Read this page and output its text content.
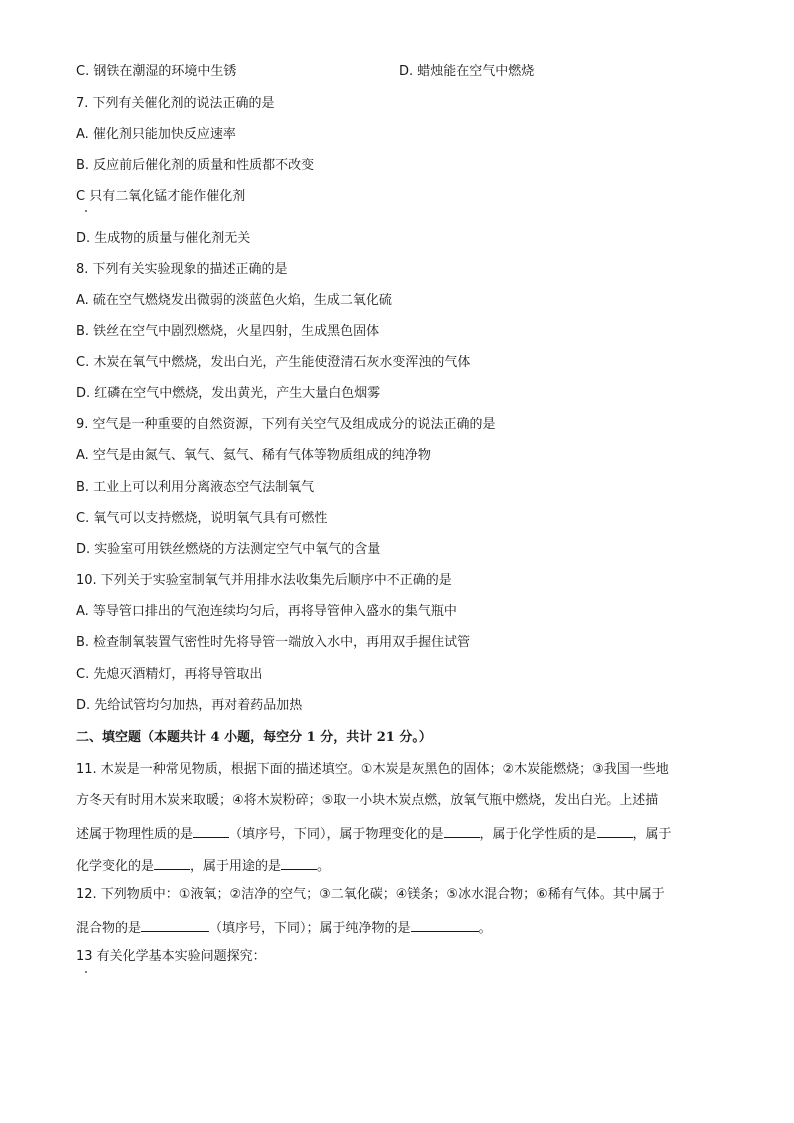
C. 钢铁在潮湿的环境中生锈	D. 蜡烛能在空气中燃烧
7. 下列有关催化剂的说法正确的是
A. 催化剂只能加快反应速率
B. 反应前后催化剂的质量和性质都不改变
C 只有二氧化锰才能作催化剂
D. 生成物的质量与催化剂无关
8. 下列有关实验现象的描述正确的是
A. 硫在空气燃烧发出微弱的淡蓝色火焰，生成二氧化硫
B. 铁丝在空气中剧烈燃烧，火星四射，生成黑色固体
C. 木炭在氧气中燃烧，发出白光，产生能使澄清石灰水变浑浊的气体
D. 红磷在空气中燃烧，发出黄光，产生大量白色烟雾
9. 空气是一种重要的自然资源，下列有关空气及组成成分的说法正确的是
A. 空气是由氮气、氧气、氦气、稀有气体等物质组成的纯净物
B. 工业上可以利用分离液态空气法制氧气
C. 氧气可以支持燃烧，说明氧气具有可燃性
D. 实验室可用铁丝燃烧的方法测定空气中氧气的含量
10. 下列关于实验室制氧气并用排水法收集先后顺序中不正确的是
A. 等导管口排出的气泡连续均匀后，再将导管伸入盛水的集气瓶中
B. 检查制氧装置气密性时先将导管一端放入水中，再用双手握住试管
C. 先熄灭酒精灯，再将导管取出
D. 先给试管均匀加热，再对着药品加热
二、填空题（本题共计 4 小题，每空分 1 分，共计 21 分。）
11. 木炭是一种常见物质，根据下面的描述填空。①木炭是灰黑色的固体；②木炭能燃烧；③我国一些地
方冬天有时用木炭来取暖；④将木炭粉碎；⑤取一小块木炭点燃，放氧气瓶中燃烧，发出白光。上述描
述属于物理性质的是	（填序号，下同），属于物理变化的是	，属于化学性质的是	，属于
化学变化的是	，属于用途的是	。
12. 下列物质中：①液氧；②洁净的空气；③二氧化碳；④镁条；⑤冰水混合物；⑥稀有气体。其中属于
混合物的是	（填序号，下同）；属于纯净物的是	。
13 有关化学基本实验问题探究：
